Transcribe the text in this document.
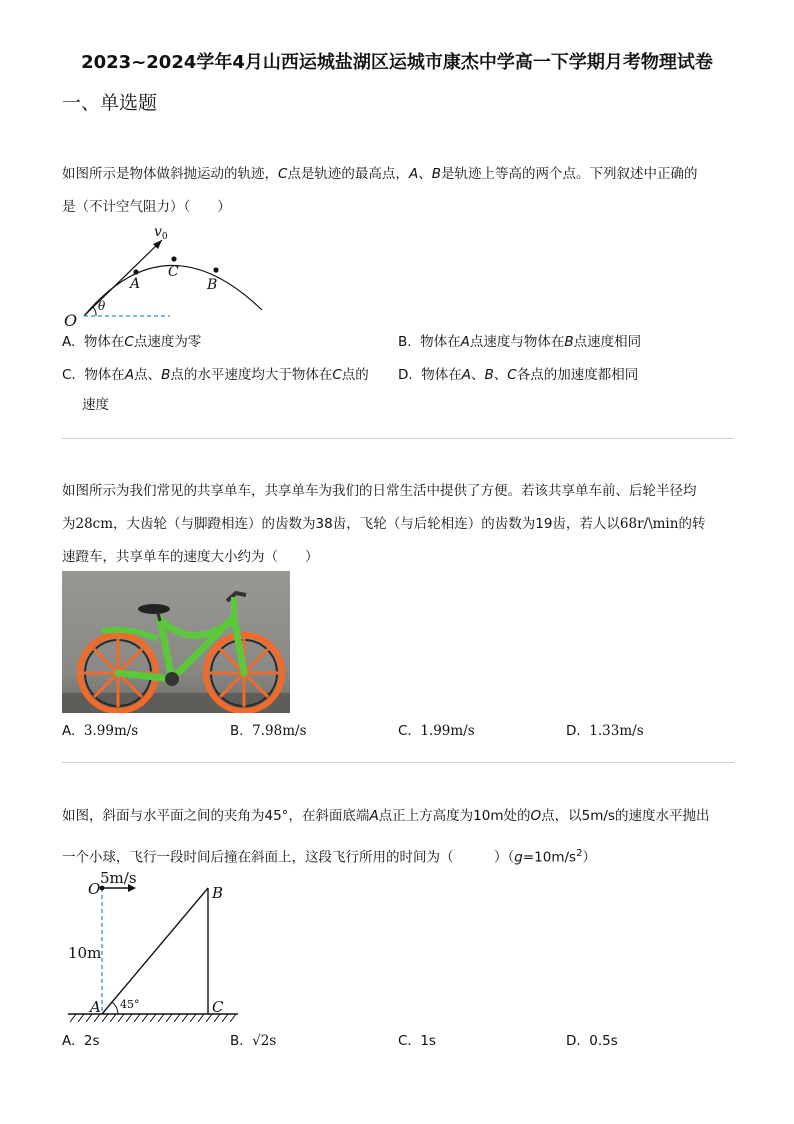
2023~2024学年4月山西运城盐湖区运城市康杰中学高一下学期月考物理试卷
一、单选题
如图所示是物体做斜抛运动的轨迹，C点是轨迹的最高点，A、B是轨迹上等高的两个点。下列叙述中正确的
是（不计空气阻力）（　　）
$v_0$
A
C
B
O
θ
A. 物体在C点速度为零	B. 物体在A点速度与物体在B点速度相同
C. 物体在A点、B点的水平速度均大于物体在C点的
速度
D. 物体在A、B、C各点的加速度都相同
如图所示为我们常见的共享单车，共享单车为我们的日常生活中提供了方便。若该共享单车前、后轮半径均
为28cm，大齿轮（与脚蹬相连）的齿数为38齿，飞轮（与后轮相连）的齿数为19齿，若人以68r/\min的转
速蹬车，共享单车的速度大小约为（　　）
A. 3.99m/s	B. 7.98m/s	C. 1.99m/s	D. 1.33m/s
如图，斜面与水平面之间的夹角为45°，在斜面底端A点正上方高度为10m处的O点，以5m/s的速度水平抛出
一个小球，飞行一段时间后撞在斜面上，这段飞行所用的时间为（　　　）$(g=10m/s^2)$
O
5m/s
10m
B
A 45°	C
A. 2s	B. √2s	C. 1s	D. 0.5s
